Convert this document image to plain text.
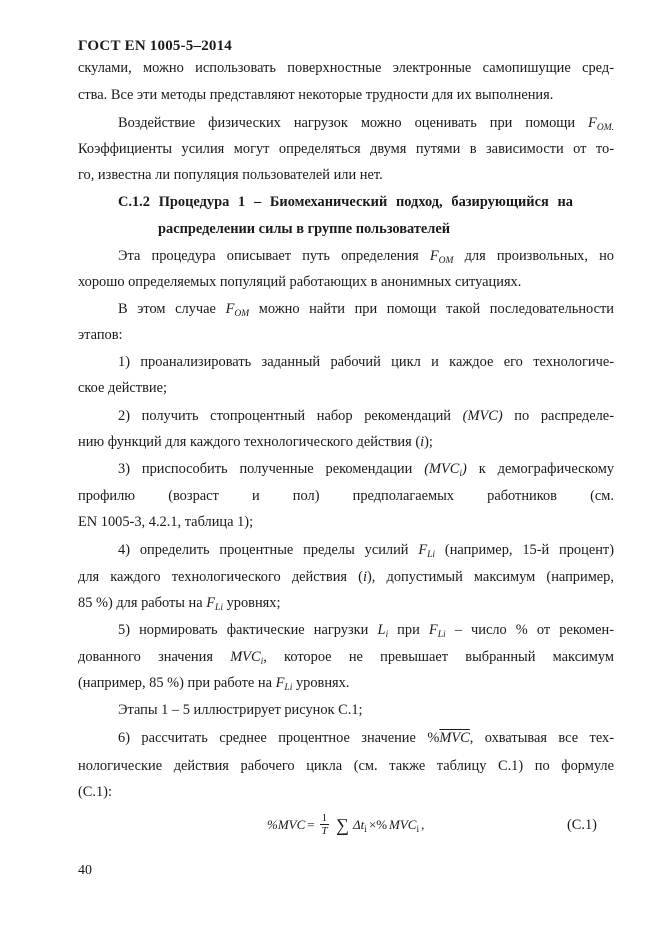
ГОСТ EN 1005-5–2014
скулами, можно использовать поверхностные электронные самопишущие сред-
ства. Все эти методы представляют некоторые трудности для их выполнения.
Воздействие физических нагрузок можно оценивать при помощи $F_{OM.}$
Коэффициенты усилия могут определяться двумя путями в зависимости от то-
го, известна ли популяция пользователей или нет.
С.1.2 Процедура 1 – Биомеханический подход, базирующийся на
распределении силы в группе пользователей
Эта процедура описывает путь определения $F_{OM}$ для произвольных, но
хорошо определяемых популяций работающих в анонимных ситуациях.
В этом случае $F_{OM}$ можно найти при помощи такой последовательности
этапов:
1) проанализировать заданный рабочий цикл и каждое его технологиче-
ское действие;
2) получить стопроцентный набор рекомендаций (MVC) по распределе-
нию функций для каждого технологического действия (i);
3) приспособить полученные рекомендации $(MVC_i)$ к демографическому
профилю (возраст и пол) предполагаемых работников (см.
EN 1005-3, 4.2.1, таблица 1);
4) определить процентные пределы усилий $F_{Li}$ (например, 15-й процент)
для каждого технологического действия (i), допустимый максимум (например,
85 %) для работы на $F_{Li}$ уровнях;
5) нормировать фактические нагрузки $L_i$ при $F_{Li}$ – число % от рекомен-
дованного значения $MVC_i$, которое не превышает выбранный максимум
(например, 85 %) при работе на $F_{Li}$ уровнях.
Этапы 1 – 5 иллюстрирует рисунок С.1;
6) рассчитать среднее процентное значение $\%\overline{MVC}$, охватывая все тех-
нологические действия рабочего цикла (см. также таблицу С.1) по формуле
(С.1):
$\%MVC = \frac{1}{T}$ ∑ $\Delta t_i$ ×% $MVC_i$ ,	(С.1)
40
